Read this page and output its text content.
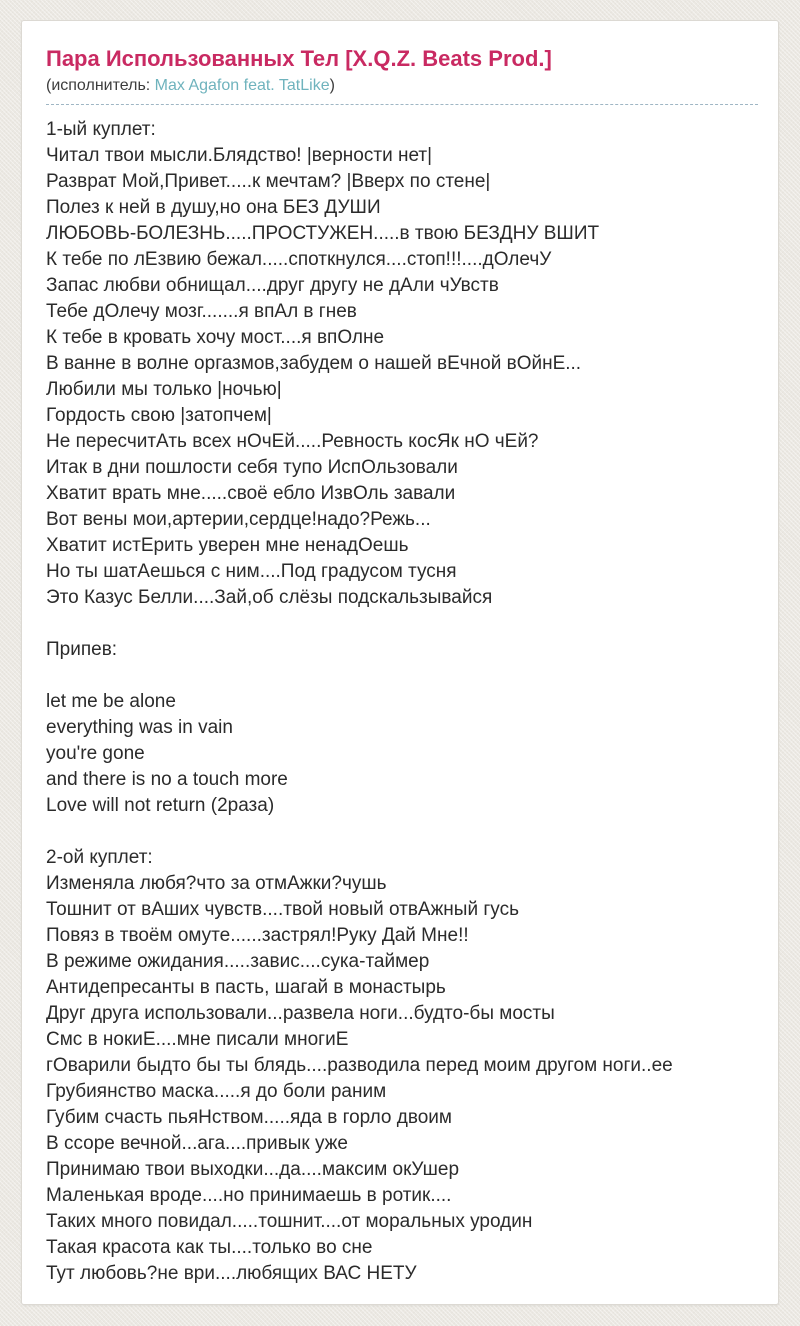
Пара Использованных Тел [X.Q.Z. Beats Prod.]
(исполнитель: Max Agafon feat. TatLike)
1-ый куплет:
Читал твои мысли.Блядство! |верности нет|
Разврат Мой,Привет.....к мечтам? |Вверх по стене|
Полез к ней в душу,но она БЕЗ ДУШИ
ЛЮБОВЬ-БОЛЕЗНЬ.....ПРОСТУЖЕН.....в твою БЕЗДНУ ВШИТ
К тебе по лЕзвию бежал.....споткнулся....стоп!!!....дОлечУ
Запас любви обнищал....друг другу не дАли чУвств
Тебе дОлечу мозг.......я впАл в гнев
К тебе в кровать хочу мост....я впОлне
В ванне в волне оргазмов,забудем о нашей вЕчной вОйнЕ...
Любили мы только |ночью|
Гордость свою |затопчем|
Не пересчитАть всех нОчЕй.....Ревность косЯк нО чЕй?
Итак в дни пошлости себя тупо ИспОльзовали
Хватит врать мне.....своё ебло ИзвОль завали
Вот вены мои,артерии,сердце!надо?Режь...
Хватит истЕрить уверен мне ненадОешь
Но ты шатАешься с ним....Под градусом тусня
Это Казус Белли....Зай,об слёзы подскальзывайся
Припев:
let me be alone
everything was in vain
you're gone
and there is no a touch more
Love will not return (2раза)
2-ой куплет:
Изменяла любя?что за отмАжки?чушь
Тошнит от вАших чувств....твой новый отвАжный гусь
Повяз в твоём омуте......застрял!Руку Дай Мне!!
В режиме ожидания.....завис....сука-таймер
Антидепресанты в пасть, шагай в монастырь
Друг друга использовали...развела ноги...будто-бы мосты
Смс в нокиЕ....мне писали многиЕ
гОварили быдто бы ты блядь....разводила перед моим другом ноги..ее
Грубиянство маска.....я до боли раним
Губим счасть пьяНством.....яда в горло двоим
В ссоре вечной...ага....привык уже
Принимаю твои выходки...да....максим окУшер
Маленькая вроде....но принимаешь в ротик....
Таких много повидал.....тошнит....от моральных уродин
Такая красота как ты....только во сне
Тут любовь?не ври....любящих ВАС НЕТУ
